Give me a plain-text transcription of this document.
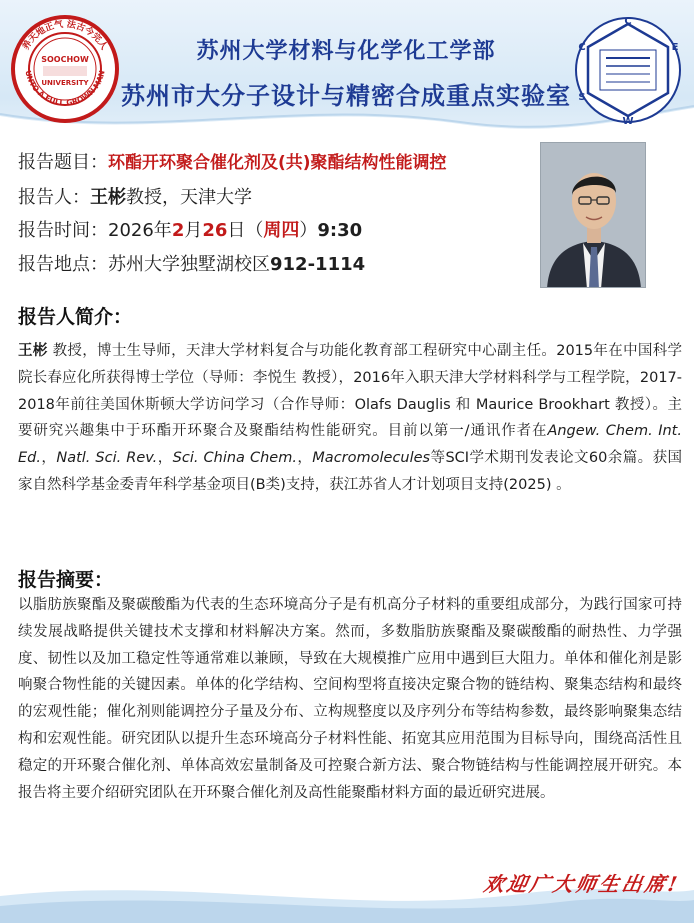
养天地正气 法古今完人
UNTO A FULL GROWN MAN
SOOCHOW
UNIVERSITY
C
C	E
S
W
苏州大学材料与化学化工学部
苏州市大分子设计与精密合成重点实验室
报告题目：环酯开环聚合催化剂及(共)聚酯结构性能调控
报告人：王彬教授，天津大学
报告时间：2026年2月26日（周四）9:30
报告地点：苏州大学独墅湖校区912-1114
报告人简介：
王彬 教授，博士生导师，天津大学材料复合与功能化教育部工程研究中心副主任。2015年在中国科学院长春应化所获得博士学位（导师：李悦生 教授），2016年入职天津大学材料科学与工程学院，2017-2018年前往美国休斯顿大学访问学习（合作导师：Olafs Dauglis 和 Maurice Brookhart 教授）。主要研究兴趣集中于环酯开环聚合及聚酯结构性能研究。目前以第一/通讯作者在Angew. Chem. Int. Ed.，Natl. Sci. Rev.，Sci. China Chem.，Macromolecules等SCI学术期刊发表论文60余篇。获国家自然科学基金委青年科学基金项目(B类)支持，获江苏省人才计划项目支持(2025) 。
报告摘要：
以脂肪族聚酯及聚碳酸酯为代表的生态环境高分子是有机高分子材料的重要组成部分，为践行国家可持续发展战略提供关键技术支撑和材料解决方案。然而，多数脂肪族聚酯及聚碳酸酯的耐热性、力学强度、韧性以及加工稳定性等通常难以兼顾，导致在大规模推广应用中遇到巨大阻力。单体和催化剂是影响聚合物性能的关键因素。单体的化学结构、空间构型将直接决定聚合物的链结构、聚集态结构和最终的宏观性能；催化剂则能调控分子量及分布、立构规整度以及序列分布等结构参数，最终影响聚集态结构和宏观性能。研究团队以提升生态环境高分子材料性能、拓宽其应用范围为目标导向，围绕高活性且稳定的开环聚合催化剂、单体高效宏量制备及可控聚合新方法、聚合物链结构与性能调控展开研究。本报告将主要介绍研究团队在开环聚合催化剂及高性能聚酯材料方面的最近研究进展。
欢迎广大师生出席!
